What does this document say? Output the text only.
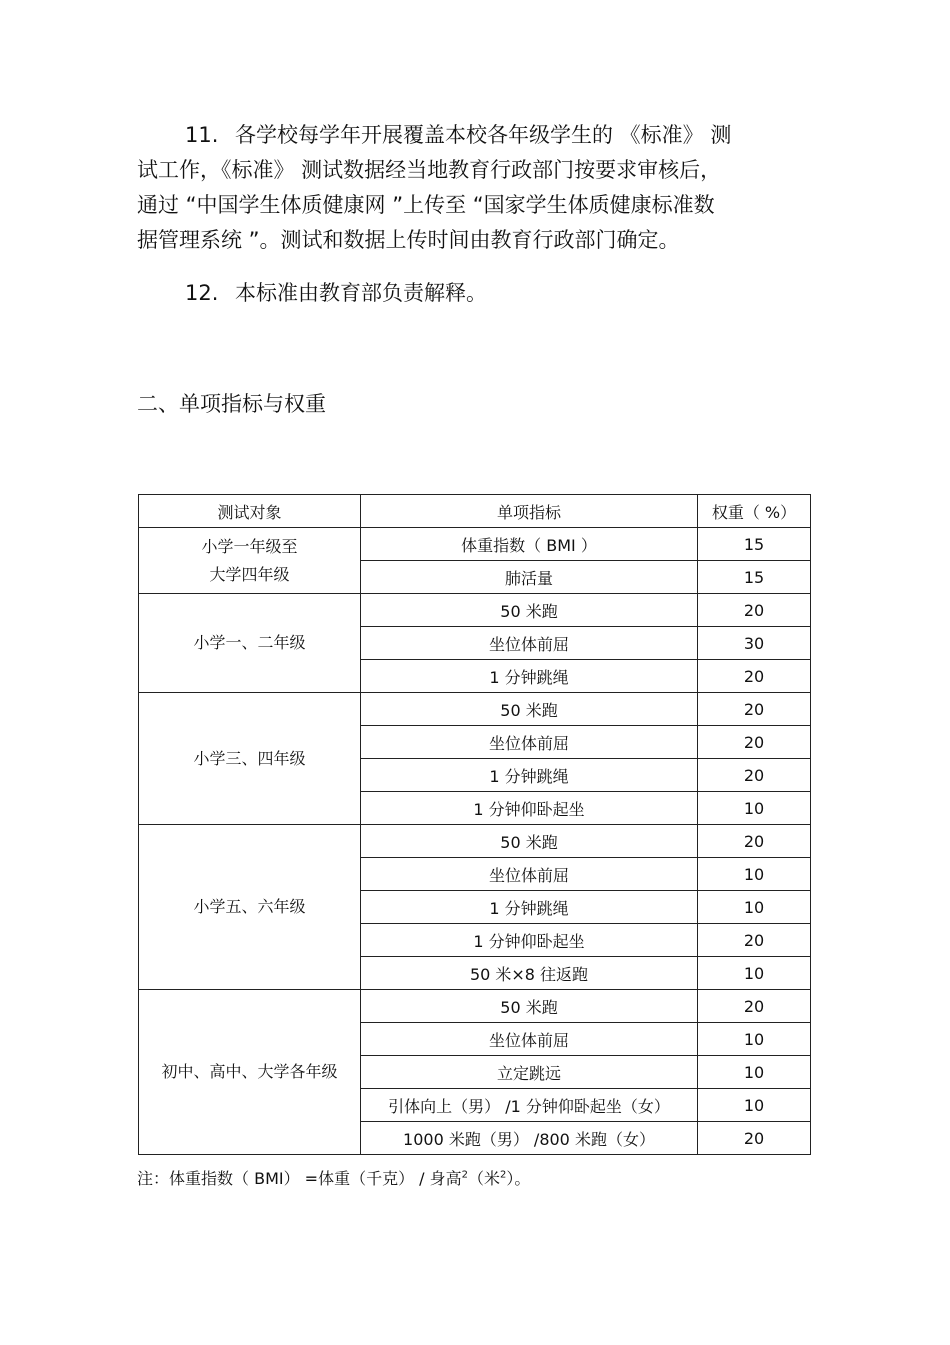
11. 各学校每学年开展覆盖本校各年级学生的 《标准》 测
试工作，《标准》 测试数据经当地教育行政部门按要求审核后，
通过 “中国学生体质健康网 ”上传至 “国家学生体质健康标准数
据管理系统 ”。测试和数据上传时间由教育行政部门确定。
12. 本标准由教育部负责解释。
二、单项指标与权重
测试对象	单项指标	权重（ %）
小学一年级至
大学四年级	体重指数（ BMI ）	15
	肺活量	15
小学一、二年级	50 米跑	20
	坐位体前屈	30
	1 分钟跳绳	20
小学三、四年级	50 米跑	20
	坐位体前屈	20
	1 分钟跳绳	20
	1 分钟仰卧起坐	10
小学五、六年级	50 米跑	20
	坐位体前屈	10
	1 分钟跳绳	10
	1 分钟仰卧起坐	20
	50 米×8 往返跑	10
初中、高中、大学各年级	50 米跑	20
	坐位体前屈	10
	立定跳远	10
	引体向上（男） /1 分钟仰卧起坐（女）	10
	1000 米跑（男） /800 米跑（女）	20
注：体重指数（ BMI） =体重（千克） / 身高$^2$（米$^2$）。
